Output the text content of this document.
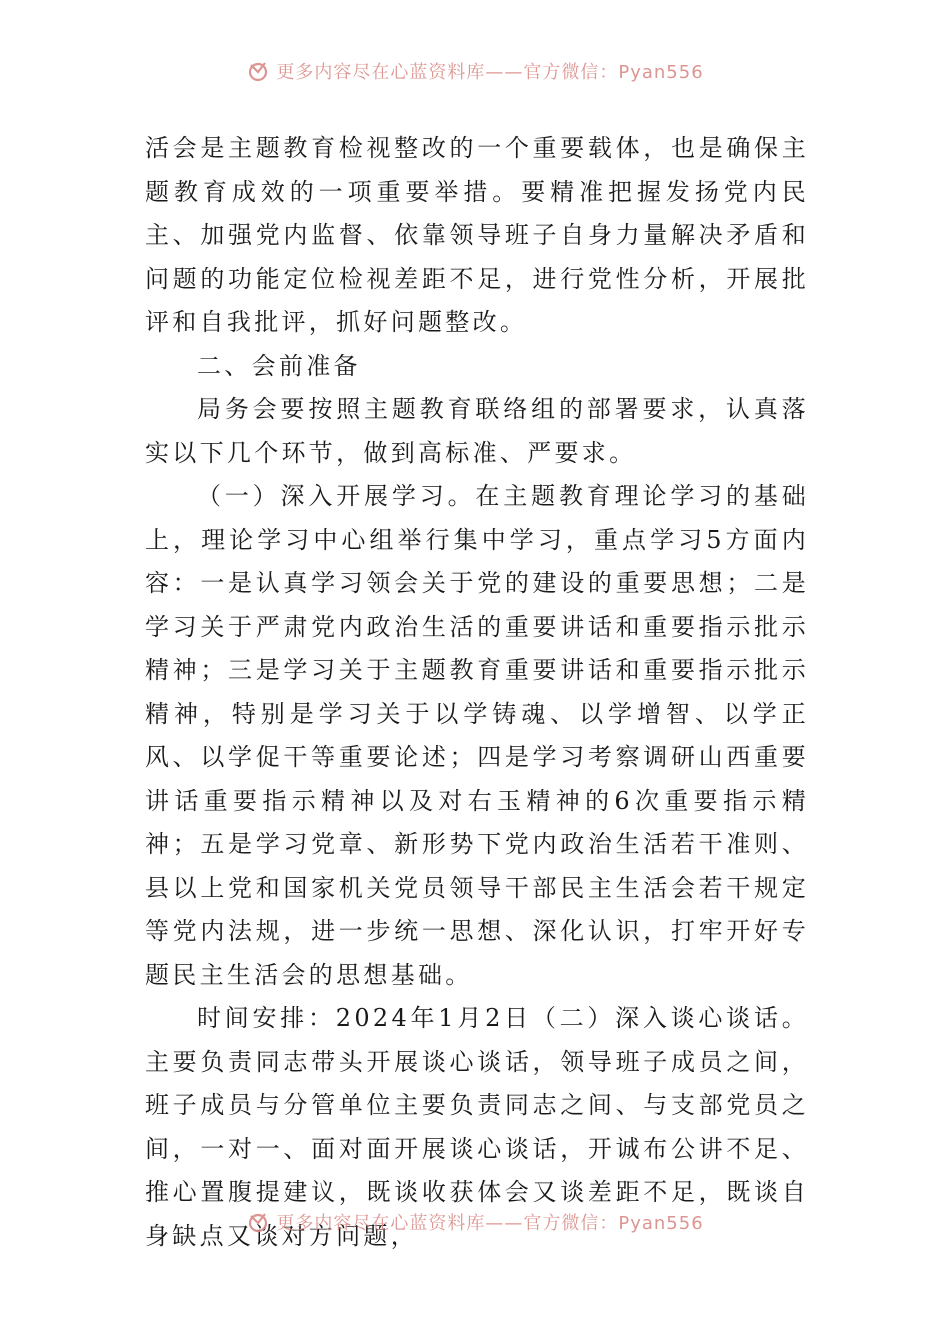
更多内容尽在心蓝资料库——官方微信：Pyan556

活会是主题教育检视整改的一个重要载体，也是确保主题教育成效的一项重要举措。要精准把握发扬党内民主、加强党内监督、依靠领导班子自身力量解决矛盾和问题的功能定位检视差距不足，进行党性分析，开展批评和自我批评，抓好问题整改。

二、会前准备

局务会要按照主题教育联络组的部署要求，认真落实以下几个环节，做到高标准、严要求。

（一）深入开展学习。在主题教育理论学习的基础上，理论学习中心组举行集中学习，重点学习5方面内容：一是认真学习领会关于党的建设的重要思想；二是学习关于严肃党内政治生活的重要讲话和重要指示批示精神；三是学习关于主题教育重要讲话和重要指示批示精神，特别是学习关于以学铸魂、以学增智、以学正风、以学促干等重要论述；四是学习考察调研山西重要讲话重要指示精神以及对右玉精神的6次重要指示精神；五是学习党章、新形势下党内政治生活若干准则、县以上党和国家机关党员领导干部民主生活会若干规定等党内法规，进一步统一思想、深化认识，打牢开好专题民主生活会的思想基础。

时间安排：2024年1月2日（二）深入谈心谈话。主要负责同志带头开展谈心谈话，领导班子成员之间，班子成员与分管单位主要负责同志之间、与支部党员之间，一对一、面对面开展谈心谈话，开诚布公讲不足、推心置腹提建议，既谈收获体会又谈差距不足，既谈自身缺点又谈对方问题，

更多内容尽在心蓝资料库——官方微信：Pyan556
